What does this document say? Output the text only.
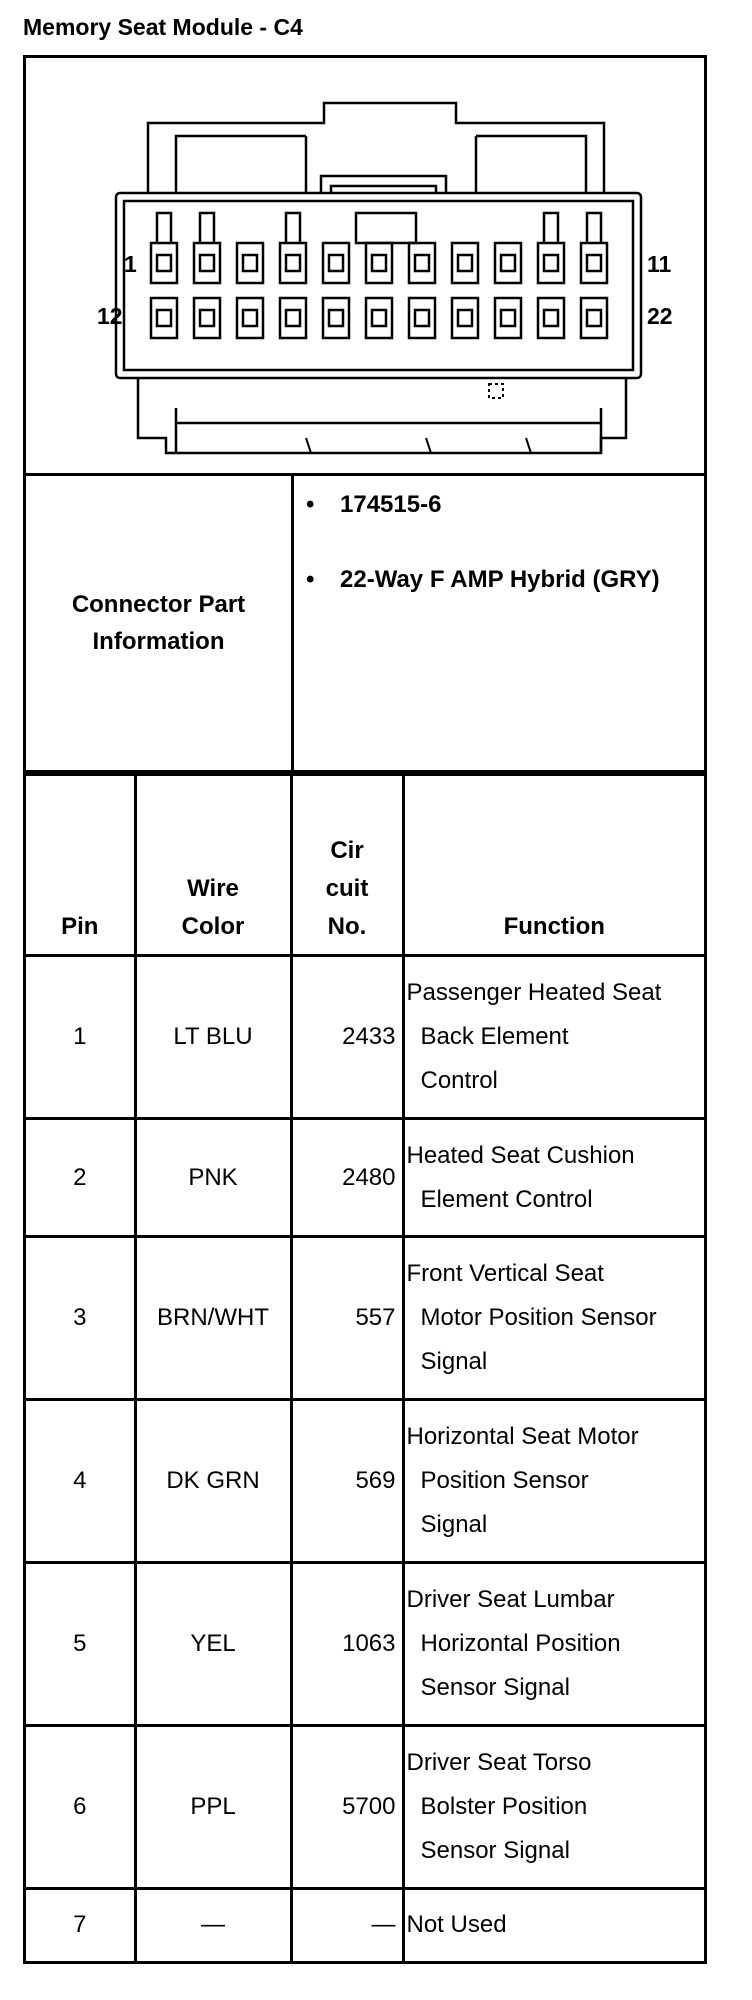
Memory Seat Module - C4
1
12
11
22
Connector Part Information
• 174515-6
• 22-Way F AMP Hybrid (GRY)
Pin	Wire Color	Cir cuit No.	Function
1	LT BLU	2433	Passenger Heated Seat
Back Element
Control

2	PNK	2480	Heated Seat Cushion
Element Control

3	BRN/WHT	557	Front Vertical Seat
Motor Position Sensor
Signal

4	DK GRN	569	Horizontal Seat Motor
Position Sensor
Signal

5	YEL	1063	Driver Seat Lumbar
Horizontal Position
Sensor Signal

6	PPL	5700	Driver Seat Torso
Bolster Position
Sensor Signal

7	—	—	Not Used
